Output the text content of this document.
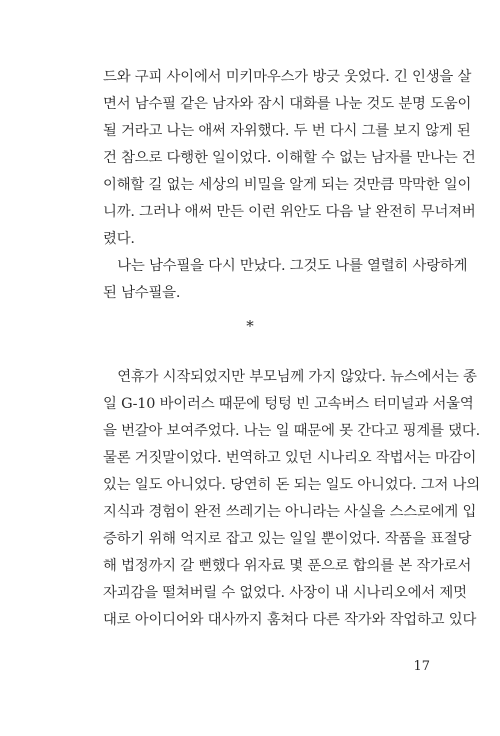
드와 구피 사이에서 미키마우스가 방긋 웃었다. 긴 인생을 살
면서 남수필 같은 남자와 잠시 대화를 나눈 것도 분명 도움이
될 거라고 나는 애써 자위했다. 두 번 다시 그를 보지 않게 된
건 참으로 다행한 일이었다. 이해할 수 없는 남자를 만나는 건
이해할 길 없는 세상의 비밀을 알게 되는 것만큼 막막한 일이
니까. 그러나 애써 만든 이런 위안도 다음 날 완전히 무너져버
렸다.
　나는 남수필을 다시 만났다. 그것도 나를 열렬히 사랑하게
된 남수필을.
*
　연휴가 시작되었지만 부모님께 가지 않았다. 뉴스에서는 종
일 G-10 바이러스 때문에 텅텅 빈 고속버스 터미널과 서울역
을 번갈아 보여주었다. 나는 일 때문에 못 간다고 핑계를 댔다.
물론 거짓말이었다. 번역하고 있던 시나리오 작법서는 마감이
있는 일도 아니었다. 당연히 돈 되는 일도 아니었다. 그저 나의
지식과 경험이 완전 쓰레기는 아니라는 사실을 스스로에게 입
증하기 위해 억지로 잡고 있는 일일 뿐이었다. 작품을 표절당
해 법정까지 갈 뻔했다 위자료 몇 푼으로 합의를 본 작가로서
자괴감을 떨쳐버릴 수 없었다. 사장이 내 시나리오에서 제멋
대로 아이디어와 대사까지 훔쳐다 다른 작가와 작업하고 있다
17
